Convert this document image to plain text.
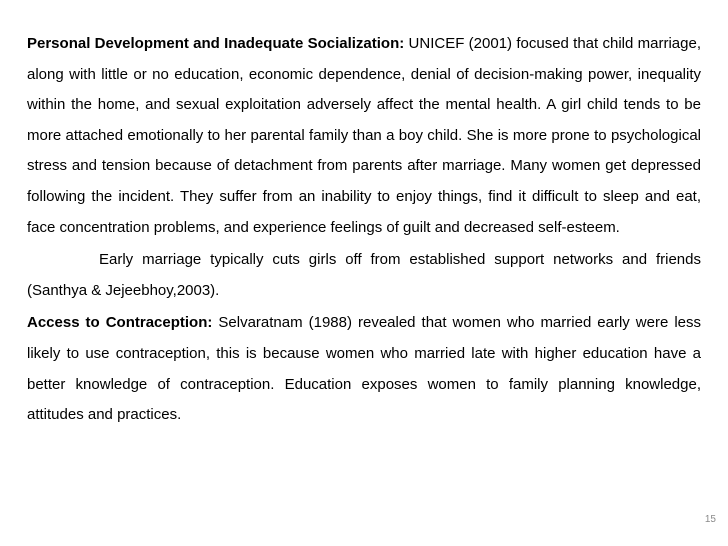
Personal Development and Inadequate Socialization: UNICEF (2001) focused that child marriage, along with little or no education, economic dependence, denial of decision-making power, inequality within the home, and sexual exploitation adversely affect the mental health. A girl child tends to be more attached emotionally to her parental family than a boy child. She is more prone to psychological stress and tension because of detachment from parents after marriage. Many women get depressed following the incident. They suffer from an inability to enjoy things, find it difficult to sleep and eat, face concentration problems, and experience feelings of guilt and decreased self-esteem.

Early marriage typically cuts girls off from established support networks and friends (Santhya & Jejeebhoy,2003).

Access to Contraception: Selvaratnam (1988) revealed that women who married early were less likely to use contraception, this is because women who married late with higher education have a better knowledge of contraception. Education exposes women to family planning knowledge, attitudes and practices.

15
